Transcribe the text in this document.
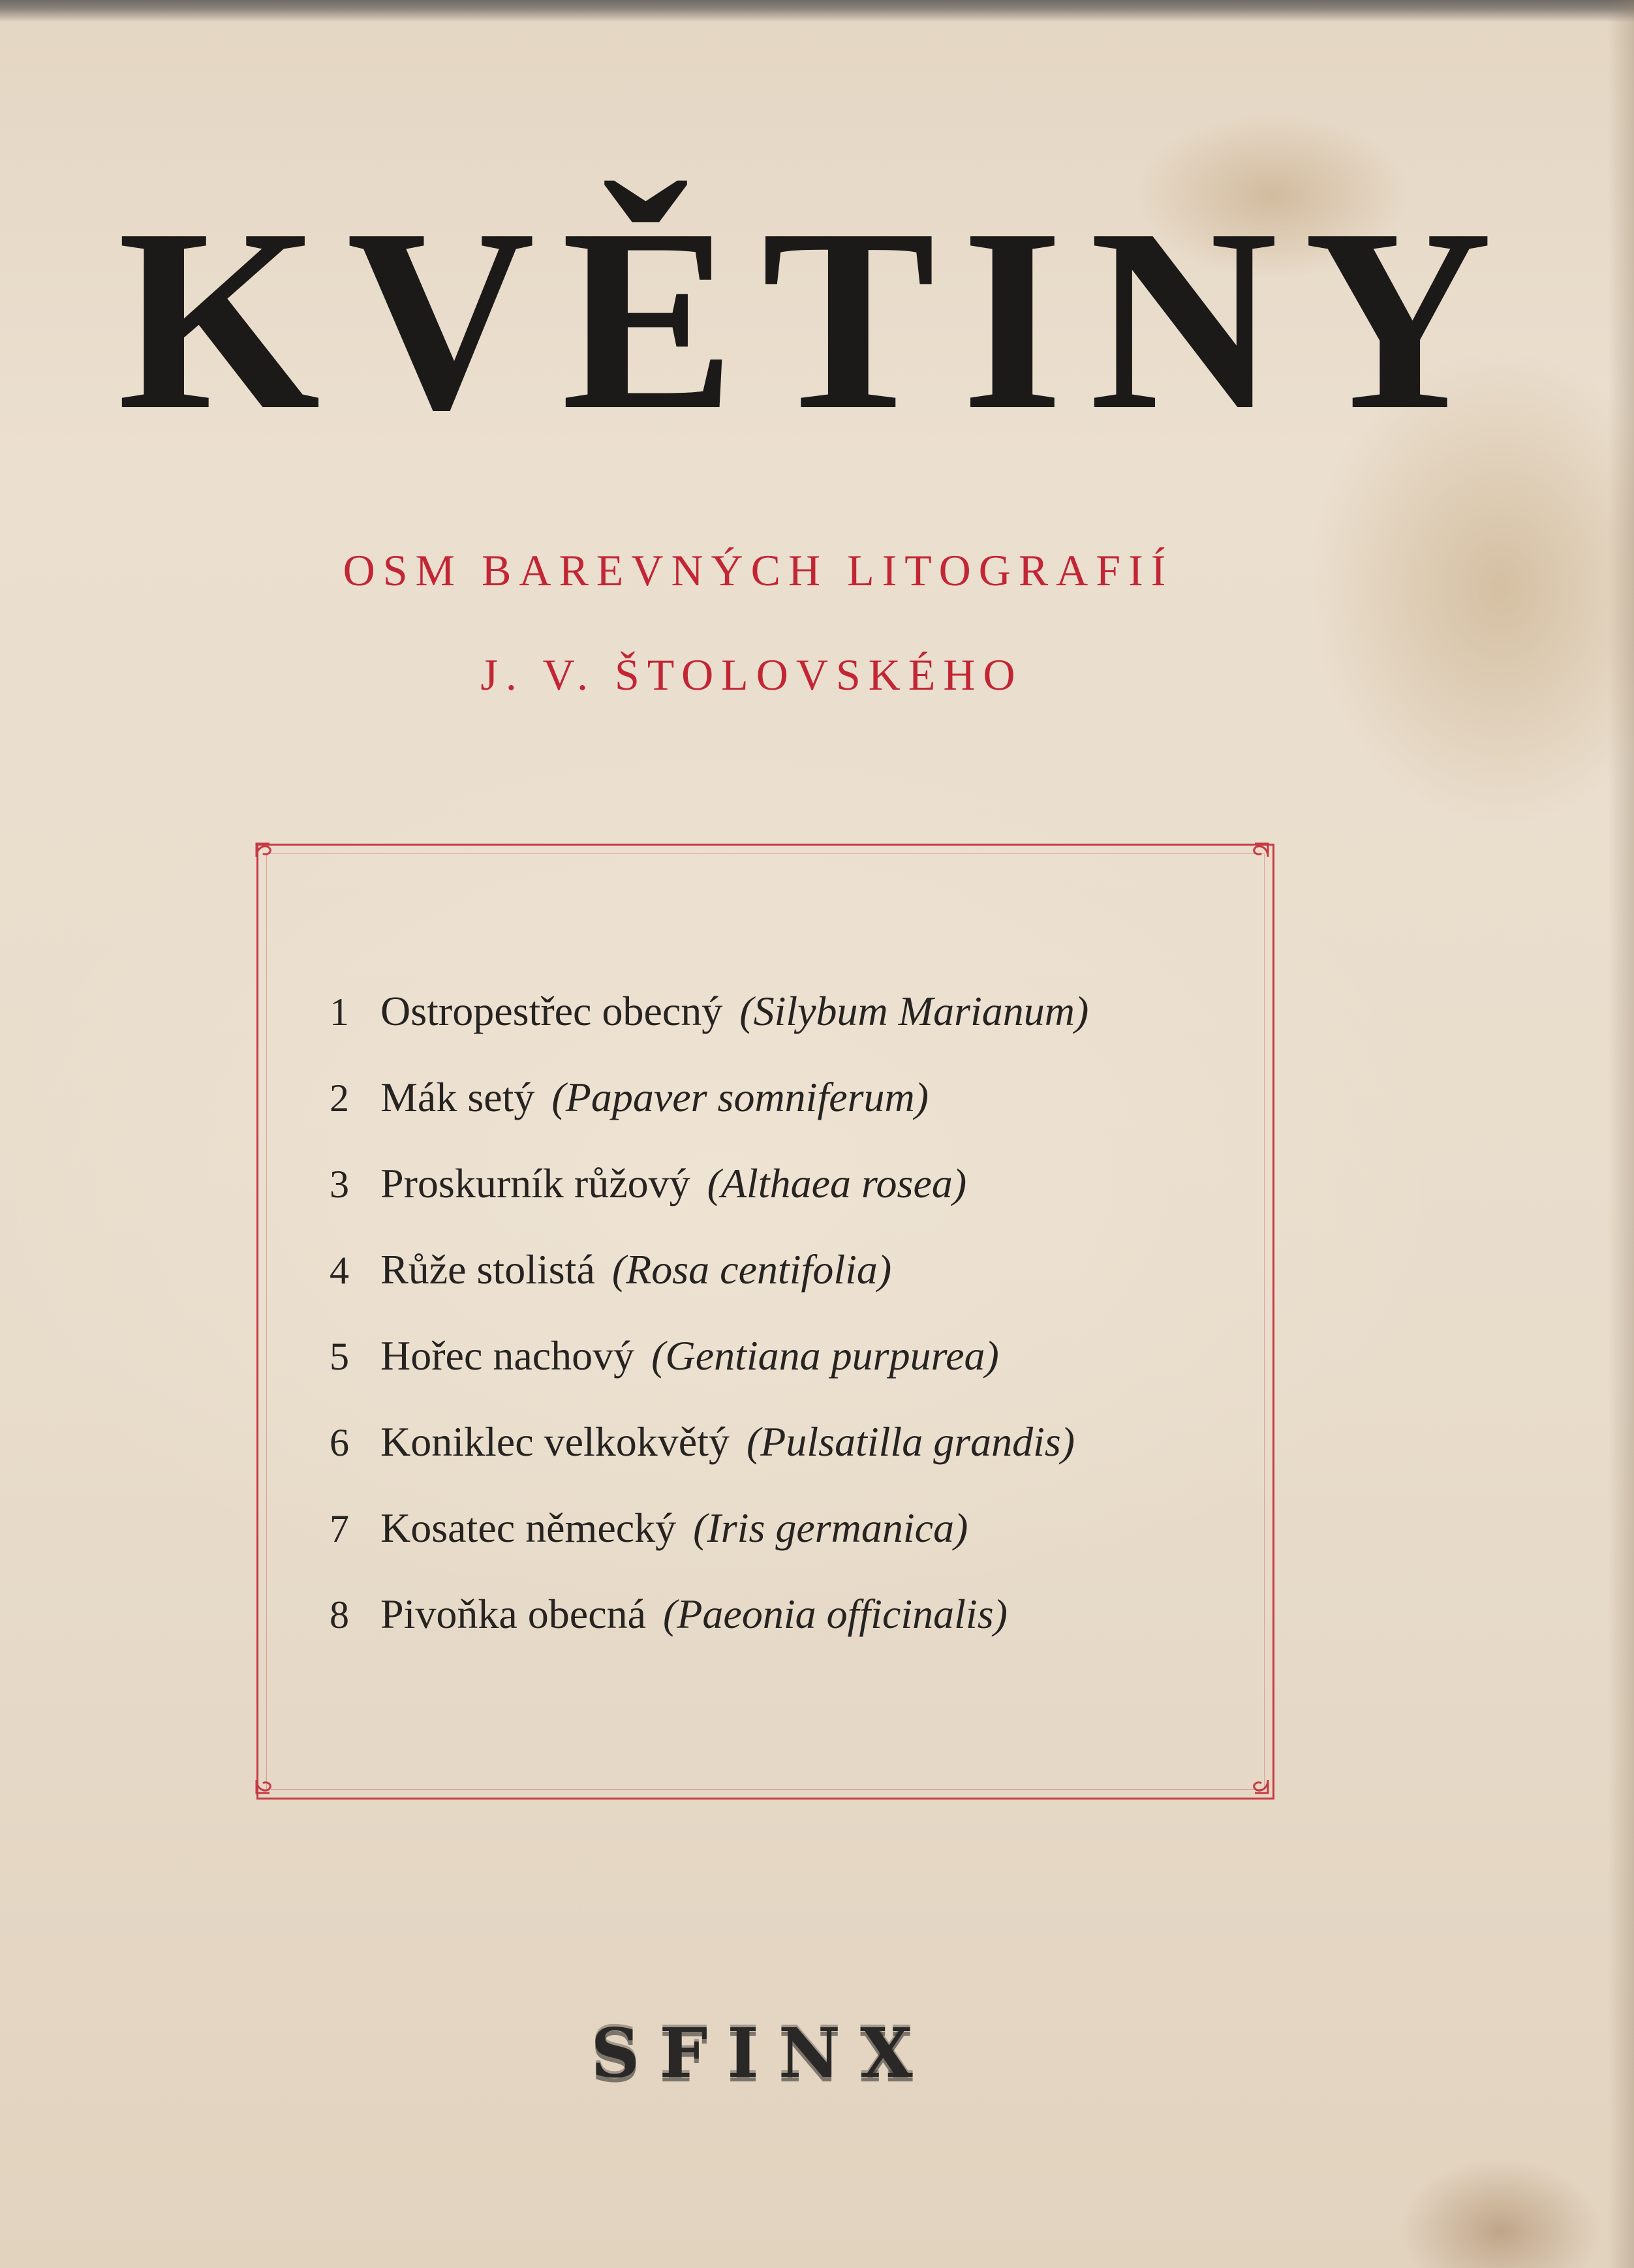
KVĚTINY
OSM BAREVNÝCH LITOGRAFIÍ
J. V. ŠTOLOVSKÉHO
1 Ostropestřec obecný (Silybum Marianum)
2 Mák setý (Papaver somniferum)
3 Proskurník růžový (Althaea rosea)
4 Růže stolistá (Rosa centifolia)
5 Hořec nachový (Gentiana purpurea)
6 Koniklec velkokvětý (Pulsatilla grandis)
7 Kosatec německý (Iris germanica)
8 Pivoňka obecná (Paeonia officinalis)
SFINX
